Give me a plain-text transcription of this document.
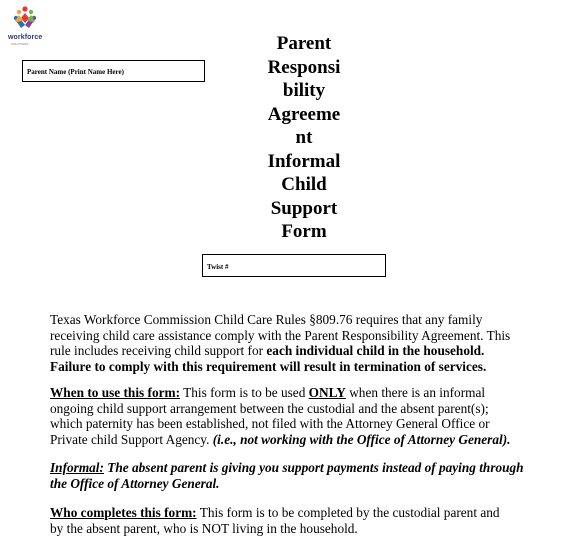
workforce
SOLUTIONS
Parent Name (Print Name Here)
Parent
Responsi
bility
Agreeme
nt
Informal
Child
Support
Form
Twist #

Texas Workforce Commission Child Care Rules §809.76 requires that any family

receiving child care assistance comply with the Parent Responsibility Agreement. This

rule includes receiving child support for each individual child in the household.

Failure to comply with this requirement will result in termination of services.

When to use this form: This form is to be used ONLY when there is an informal

ongoing child support arrangement between the custodial and the absent parent(s);

which paternity has been established, not filed with the Attorney General Office or

Private child Support Agency. (i.e., not working with the Office of Attorney General).

Informal: The absent parent is giving you support payments instead of paying through

the Office of Attorney General.

Who completes this form: This form is to be completed by the custodial parent and

by the absent parent, who is NOT living in the household.
